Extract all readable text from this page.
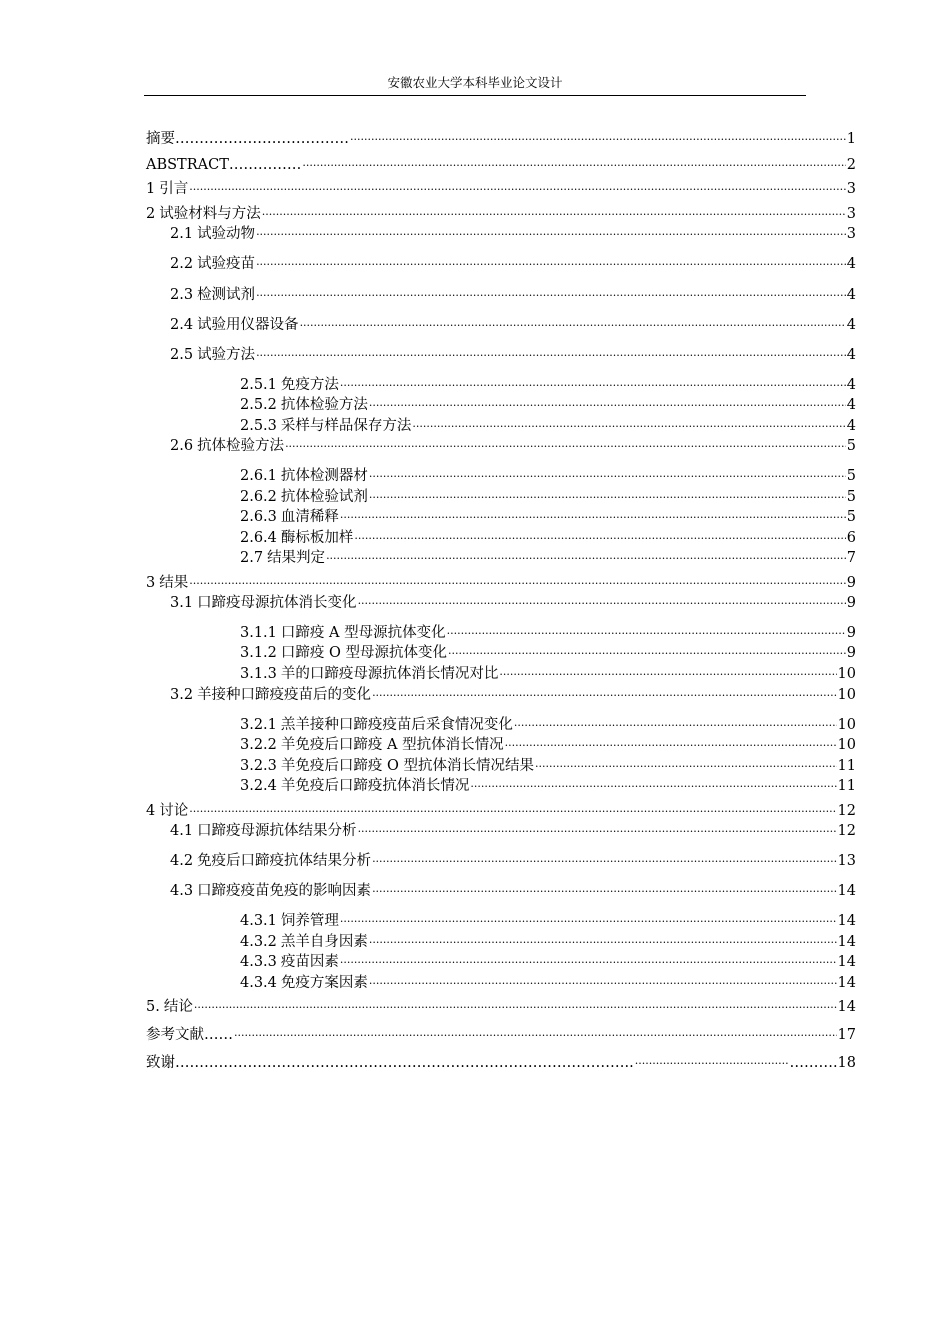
安徽农业大学本科毕业论文设计
摘要……………………………… .....	1
ABSTRACT…………… .....	2
1 引言 .....	3
2 试验材料与方法 .....	3
2.1 试验动物 .....	3
2.2 试验疫苗 .....	4
2.3 检测试剂 .....	4
2.4 试验用仪器设备 .....	4
2.5 试验方法 .....	4
2.5.1 免疫方法 .....	4
2.5.2 抗体检验方法 .....	4
2.5.3 采样与样品保存方法 .....	4
2.6 抗体检验方法 .....	5
2.6.1 抗体检测器材 .....	5
2.6.2 抗体检验试剂 .....	5
2.6.3 血清稀释 .....	5
2.6.4 酶标板加样 .....	6
2.7 结果判定 .....	7
3 结果 .....	9
3.1 口蹄疫母源抗体消长变化 .....	9
3.1.1 口蹄疫 A 型母源抗体变化 .....	9
3.1.2 口蹄疫 O 型母源抗体变化 .....	9
3.1.3 羊的口蹄疫母源抗体消长情况对比 .....	10
3.2 羊接种口蹄疫疫苗后的变化 .....	10
3.2.1 羔羊接种口蹄疫疫苗后采食情况变化 .....	10
3.2.2 羊免疫后口蹄疫 A 型抗体消长情况 .....	10
3.2.3 羊免疫后口蹄疫 O 型抗体消长情况结果 .....	11
3.2.4 羊免疫后口蹄疫抗体消长情况 .....	11
4 讨论 .....	12
4.1 口蹄疫母源抗体结果分析 .....	12
4.2 免疫后口蹄疫抗体结果分析 .....	13
4.3 口蹄疫疫苗免疫的影响因素 .....	14
4.3.1 饲养管理 .....	14
4.3.2 羔羊自身因素 .....	14
4.3.3 疫苗因素 .....	14
4.3.4 免疫方案因素 .....	14
5. 结论 .....	14
参考文献…… .....	17
致谢………………………………………………………………………………….. .....	……….18
